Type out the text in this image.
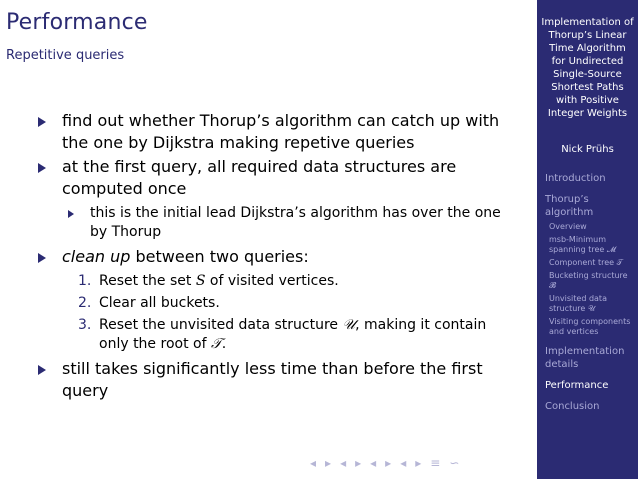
Performance
Repetitive queries
find out whether Thorup’s algorithm can catch up with the one by Dijkstra making repetive queries
at the first query, all required data structures are computed once
this is the initial lead Dijkstra’s algorithm has over the one by Thorup
clean up between two queries:
1. Reset the set S of visited vertices.
2. Clear all buckets.
3. Reset the unvisited data structure 𝒰, making it contain only the root of 𝒯.
still takes significantly less time than before the first query
◂ ▸ ◂ ▸ ◂ ▸ ◂ ▸ ≡ ∽
Implementation of Thorup’s Linear Time Algorithm for Undirected Single-Source Shortest Paths with Positive Integer Weights
Nick Prühs
Introduction
Thorup’s algorithm
Overview
msb-Minimum spanning tree 𝓜
Component tree 𝒯
Bucketing structure 𝓑
Unvisited data structure 𝒰
Visiting components and vertices
Implementation details
Performance
Conclusion
